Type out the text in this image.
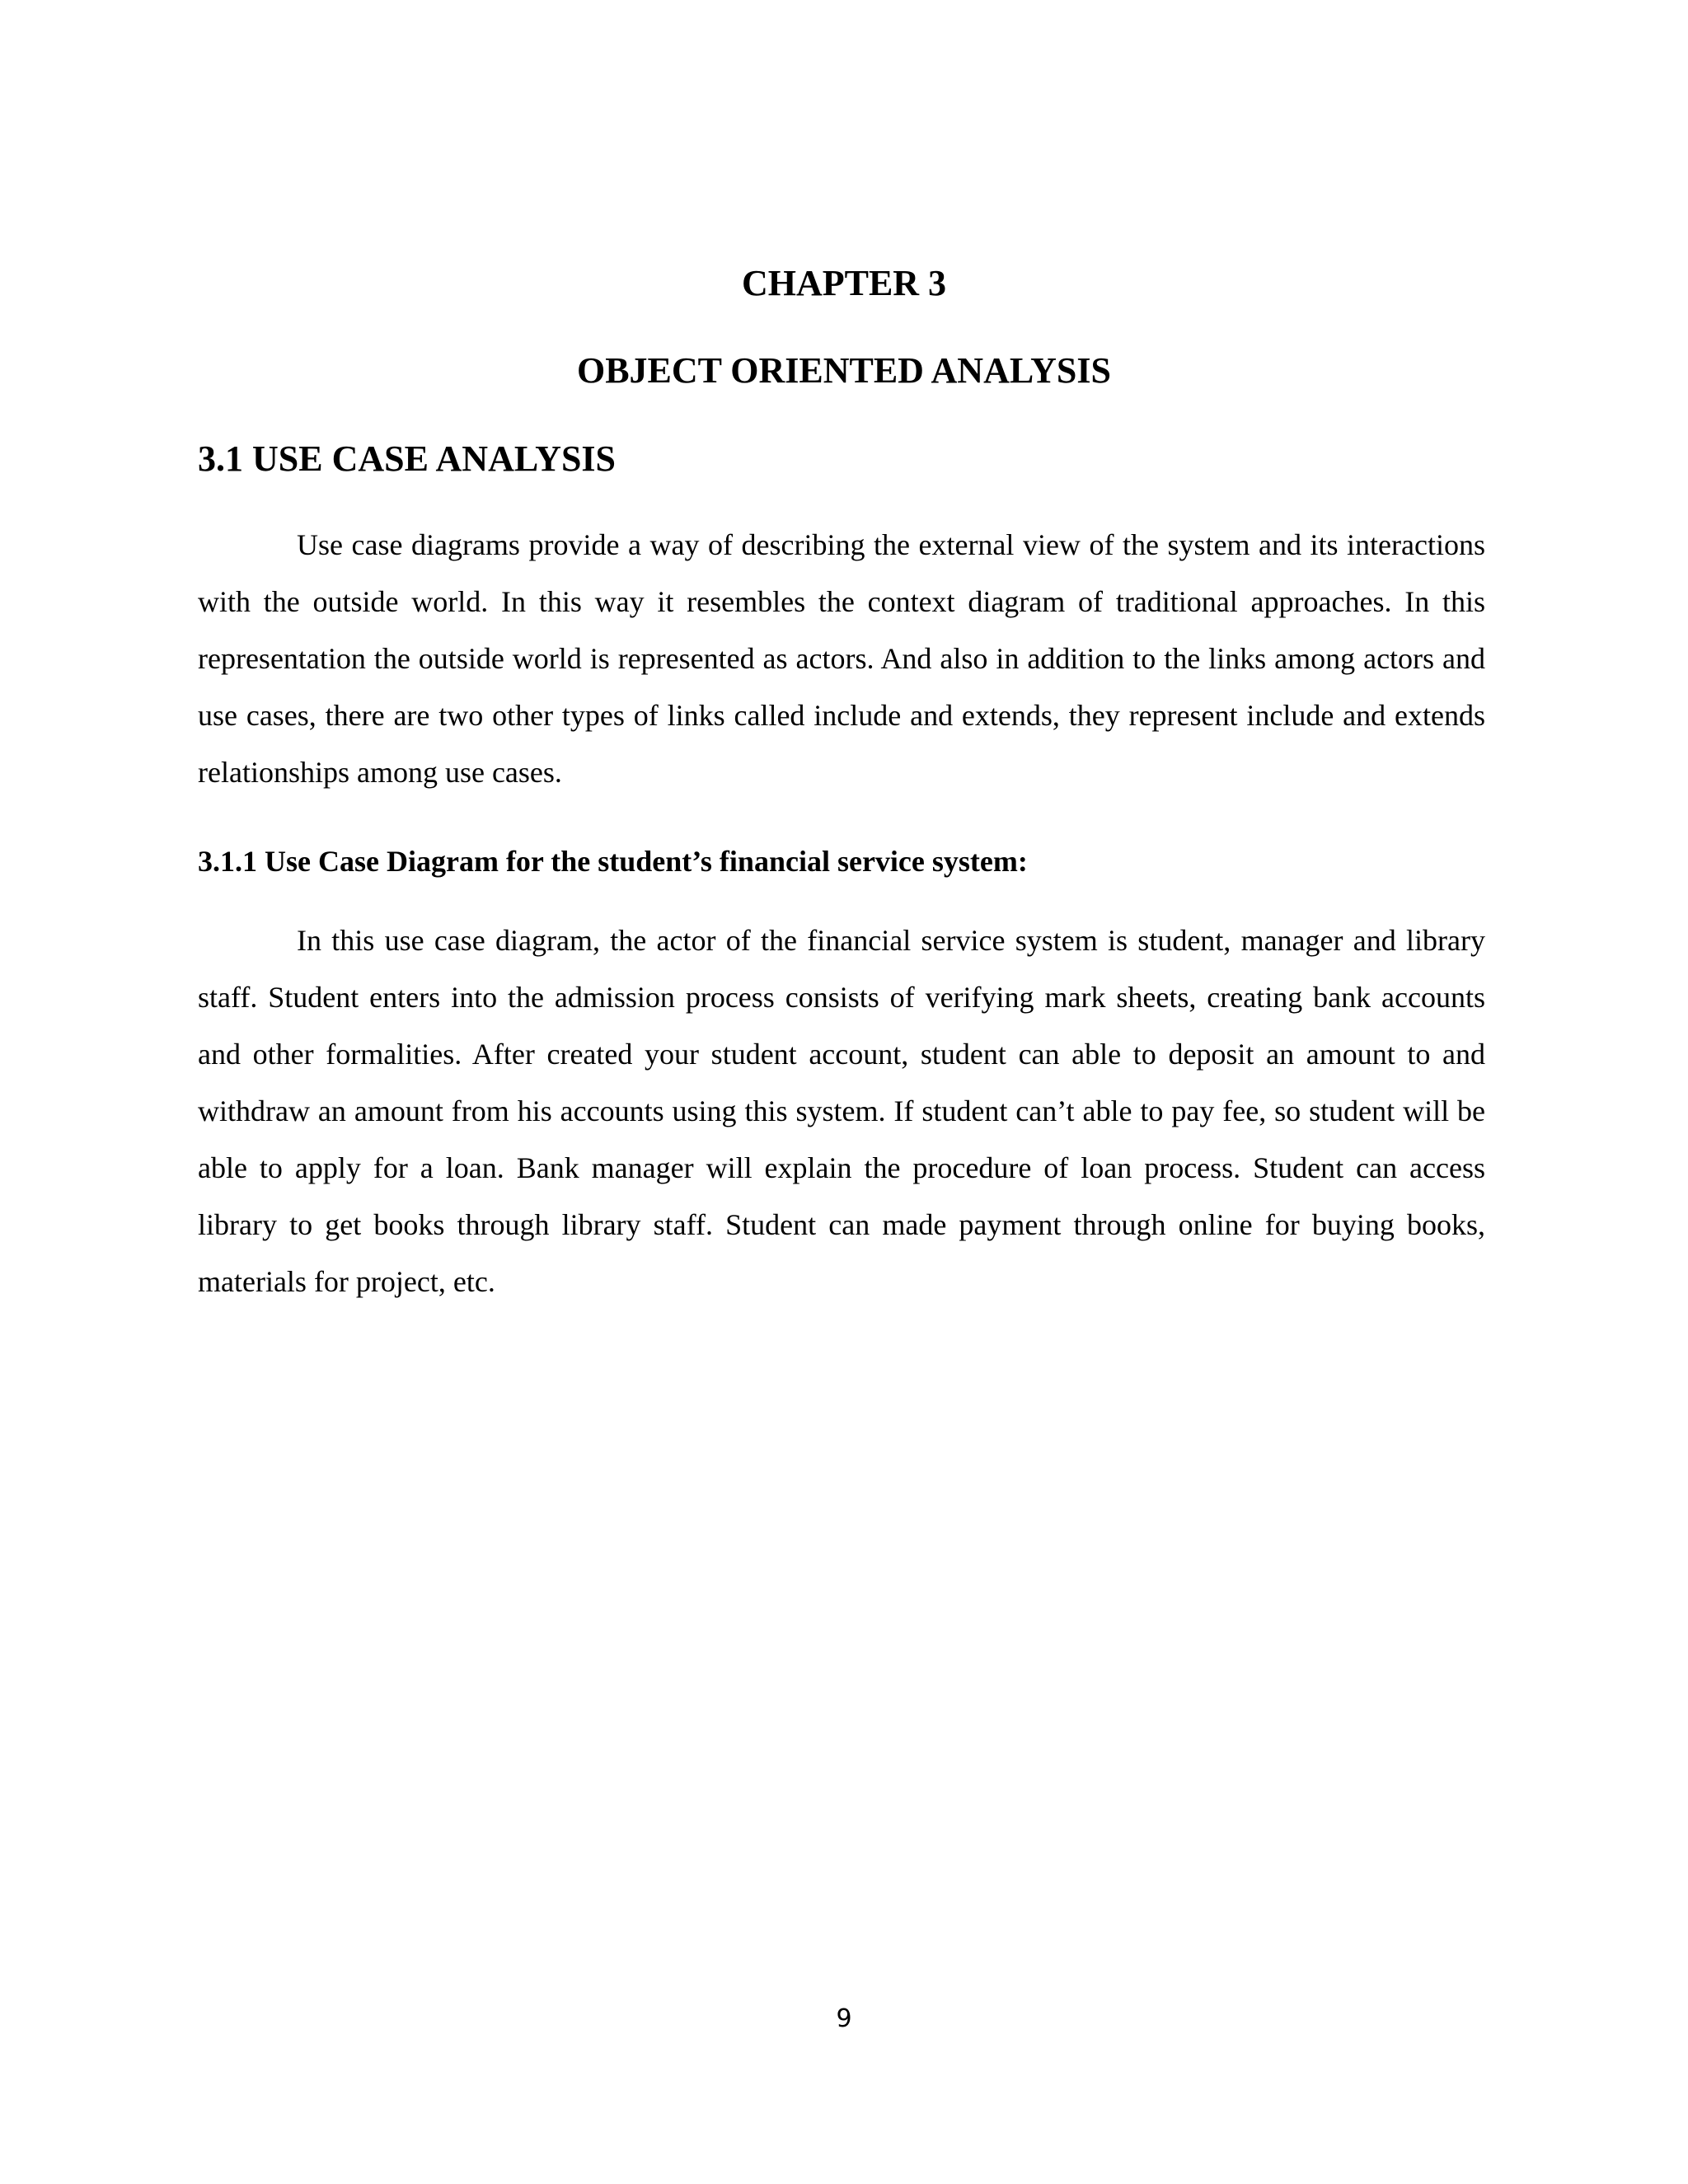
CHAPTER 3
OBJECT ORIENTED ANALYSIS
3.1 USE CASE ANALYSIS

Use case diagrams provide a way of describing the external view of the system and its interactions with the outside world. In this way it resembles the context diagram of traditional approaches. In this representation the outside world is represented as actors. And also in addition to the links among actors and use cases, there are two other types of links called include and extends, they represent include and extends relationships among use cases.

3.1.1 Use Case Diagram for the student’s financial service system:

In this use case diagram, the actor of the financial service system is student, manager and library staff. Student enters into the admission process consists of verifying mark sheets, creating bank accounts and other formalities. After created your student account, student can able to deposit an amount to and withdraw an amount from his accounts using this system. If student can’t able to pay fee, so student will be able to apply for a loan. Bank manager will explain the procedure of loan process. Student can access library to get books through library staff. Student can made payment through online for buying books, materials for project, etc.

9
